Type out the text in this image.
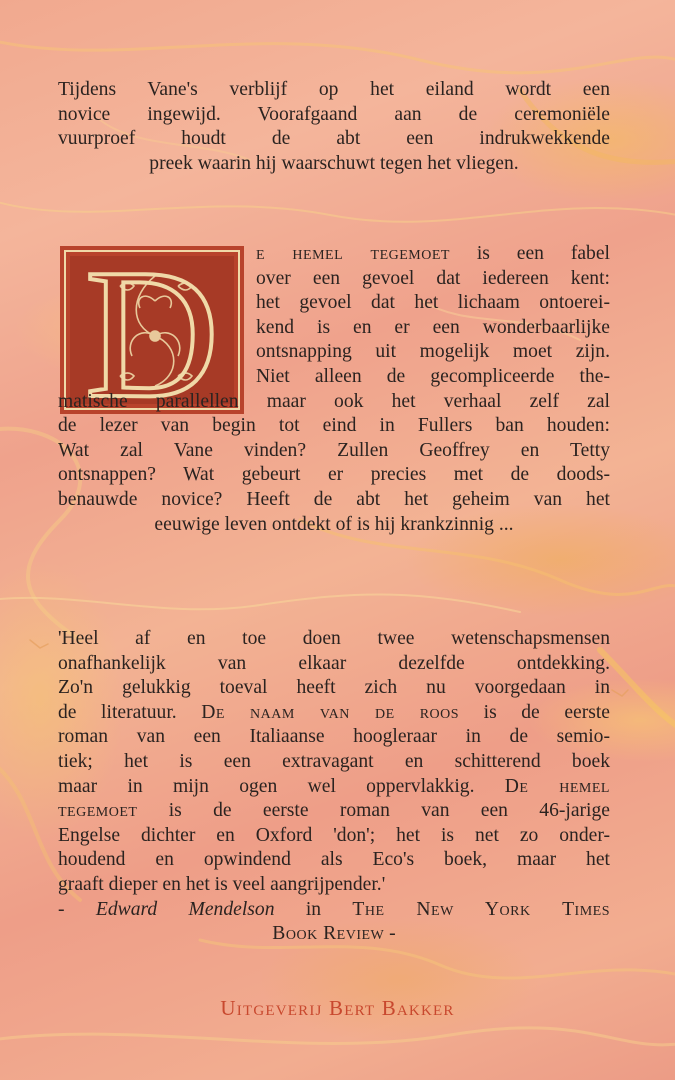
Tijdens Vane's verblijf op het eiland wordt een
novice ingewijd. Voorafgaand aan de ceremoniële
vuurproef houdt de abt een indrukwekkende
preek waarin hij waarschuwt tegen het vliegen.
D e hemel tegemoet is een fabel
over een gevoel dat iedereen kent:
het gevoel dat het lichaam ontoerei-
kend is en er een wonderbaarlijke
ontsnapping uit mogelijk moet zijn.
Niet alleen de gecompliceerde the-
matische parallellen maar ook het verhaal zelf zal
de lezer van begin tot eind in Fullers ban houden:
Wat zal Vane vinden? Zullen Geoffrey en Tetty
ontsnappen? Wat gebeurt er precies met de doods-
benauwde novice? Heeft de abt het geheim van het
eeuwige leven ontdekt of is hij krankzinnig ...
'Heel af en toe doen twee wetenschapsmensen
onafhankelijk van elkaar dezelfde ontdekking.
Zo'n gelukkig toeval heeft zich nu voorgedaan in
de literatuur. De naam van de roos is de eerste
roman van een Italiaanse hoogleraar in de semio-
tiek; het is een extravagant en schitterend boek
maar in mijn ogen wel oppervlakkig. De hemel
tegemoet is de eerste roman van een 46-jarige
Engelse dichter en Oxford 'don'; het is net zo onder-
houdend en opwindend als Eco's boek, maar het
graaft dieper en het is veel aangrijpender.'
- Edward Mendelson in The New York Times
Book Review -
Uitgeverij Bert Bakker
